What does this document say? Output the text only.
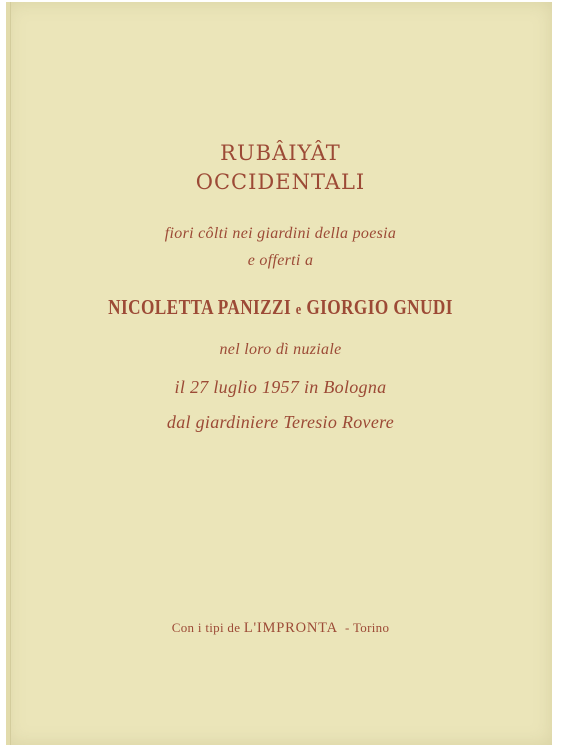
RUBÂIYÂT
OCCIDENTALI
fiori côlti nei giardini della poesia
e offerti a
NICOLETTA PANIZZI e GIORGIO GNUDI
nel loro dì nuziale
il 27 luglio 1957 in Bologna
dal giardiniere Teresio Rovere
Con i tipi de L'IMPRONTA - Torino
